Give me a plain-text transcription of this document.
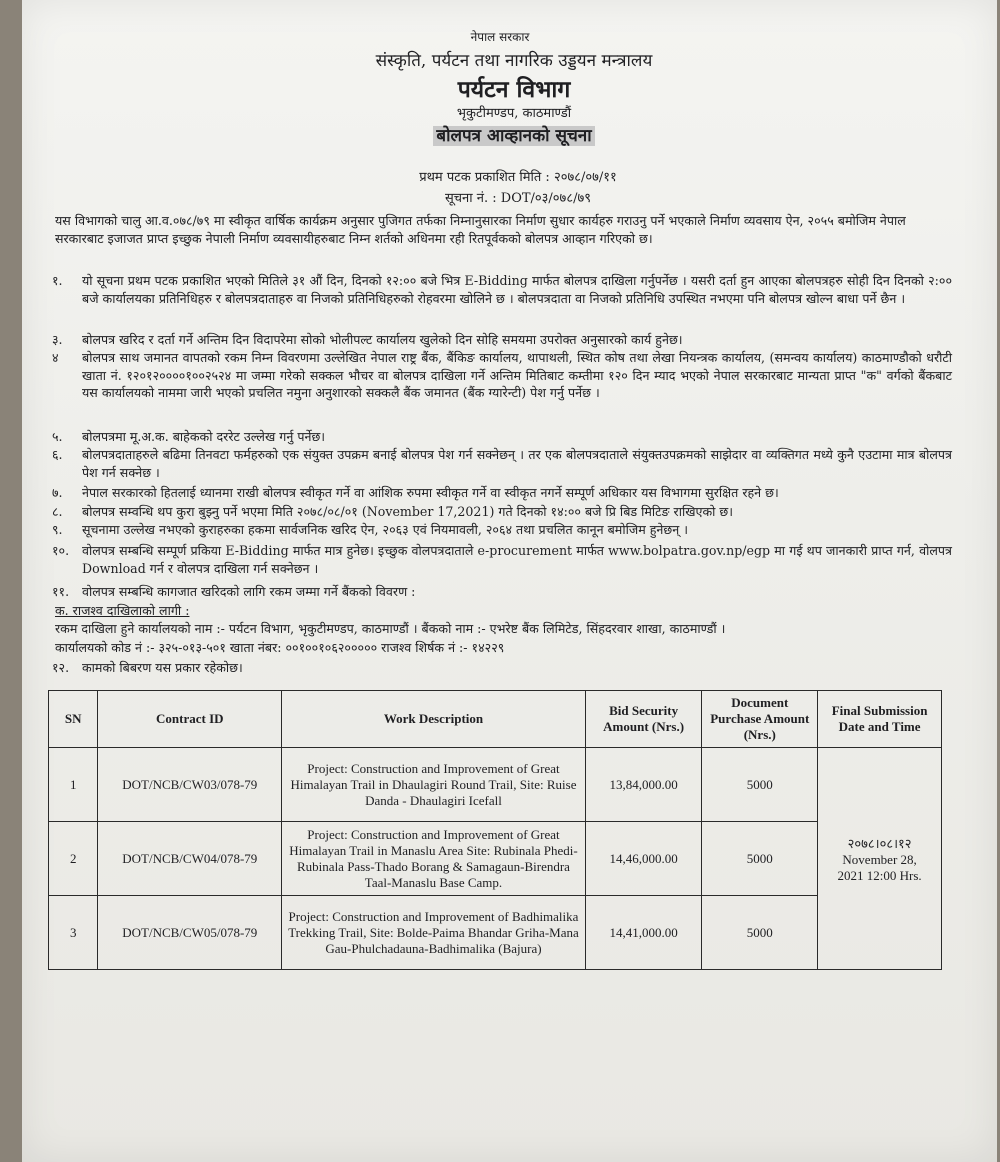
नेपाल सरकार
संस्कृति, पर्यटन तथा नागरिक उड्डयन मन्त्रालय
पर्यटन विभाग
भृकुटीमण्डप, काठमाण्डौं
बोलपत्र आव्हानको सूचना
प्रथम पटक प्रकाशित मिति : २०७८/०७/११
सूचना नं. : DOT/०३/०७८/७९
यस विभागको चालु आ.व.०७८/७९ मा स्वीकृत वार्षिक कार्यक्रम अनुसार पुजिगत तर्फका निम्नानुसारका निर्माण सुधार कार्यहरु गराउनु पर्ने भएकाले निर्माण व्यवसाय ऐन, २०५५ बमोजिम नेपाल सरकारबाट इजाजत प्राप्त इच्छुक नेपाली निर्माण व्यवसायीहरुबाट निम्न शर्तको अधिनमा रही रितपूर्वकको बोलपत्र आव्हान गरिएको छ।
१.	यो सूचना प्रथम पटक प्रकाशित भएको मितिले ३१ औं दिन, दिनको १२:०० बजे भित्र E-Bidding मार्फत बोलपत्र दाखिला गर्नुपर्नेछ । यसरी दर्ता हुन आएका बोलपत्रहरु सोही दिन दिनको २:०० बजे कार्यालयका प्रतिनिधिहरु र बोलपत्रदाताहरु वा निजको प्रतिनिधिहरुको रोहवरमा खोलिने छ । बोलपत्रदाता वा निजको प्रतिनिधि उपस्थित नभएमा पनि बोलपत्र खोल्न बाधा पर्ने छैन ।
३.	बोलपत्र खरिद र दर्ता गर्ने अन्तिम दिन विदापरेमा सोको भोलीपल्ट कार्यालय खुलेको दिन सोहि समयमा उपरोक्त अनुसारको कार्य हुनेछ।
४	बोलपत्र साथ जमानत वापतको रकम निम्न विवरणमा उल्लेखित नेपाल राष्ट्र बैंक, बैंकिङ कार्यालय, थापाथली, स्थित कोष तथा लेखा नियन्त्रक कार्यालय, (समन्वय कार्यालय) काठमाण्डौको धरौटी खाता नं. १२०१२००००१००२५२४ मा जम्मा गरेको सक्कल भौचर वा बोलपत्र दाखिला गर्ने अन्तिम मितिबाट कम्तीमा १२० दिन म्याद भएको नेपाल सरकारबाट मान्यता प्राप्त "क" वर्गको बैंकबाट यस कार्यालयको नाममा जारी भएको प्रचलित नमुना अनुशारको सक्कलै बैंक जमानत (बैंक ग्यारेन्टी) पेश गर्नु पर्नेछ ।
५.	बोलपत्रमा मू.अ.क. बाहेकको दररेट उल्लेख गर्नु पर्नेछ।
६.	बोलपत्रदाताहरुले बढिमा तिनवटा फर्महरुको एक संयुक्त उपक्रम बनाई बोलपत्र पेश गर्न सक्नेछन् । तर एक बोलपत्रदाताले संयुक्तउपक्रमको साझेदार वा व्यक्तिगत मध्ये कुनै एउटामा मात्र बोलपत्र पेश गर्न सक्नेछ ।
७.	नेपाल सरकारको हितलाई ध्यानमा राखी बोलपत्र स्वीकृत गर्ने वा आंशिक रुपमा स्वीकृत गर्ने वा स्वीकृत नगर्ने सम्पूर्ण अधिकार यस विभागमा सुरक्षित रहने छ।
८.	बोलपत्र सम्वन्धि थप कुरा बुझ्नु पर्ने भएमा मिति २०७८/०८/०१ (November 17,2021) गते दिनको १४:०० बजे प्रि बिड मिटिङ राखिएको छ।
९.	सूचनामा उल्लेख नभएको कुराहरुका हकमा सार्वजनिक खरिद ऐन, २०६३ एवं नियमावली, २०६४ तथा प्रचलित कानून बमोजिम हुनेछन् ।
१०.	वोलपत्र सम्बन्धि सम्पूर्ण प्रकिया E-Bidding मार्फत मात्र हुनेछ। इच्छुक वोलपत्रदाताले e-procurement मार्फत www.bolpatra.gov.np/egp मा गई थप जानकारी प्राप्त गर्न, वोलपत्र Download गर्न र वोलपत्र दाखिला गर्न सक्नेछन ।
११.	वोलपत्र सम्बन्धि कागजात खरिदको लागि रकम जम्मा गर्ने बैंकको विवरण :
क. राजश्व दाखिलाको लागी :
रकम दाखिला हुने कार्यालयको नाम :- पर्यटन विभाग, भृकुटीमण्डप, काठमाण्डौं । बैंकको नाम :- एभरेष्ट बैंक लिमिटेड, सिंहदरवार शाखा, काठमाण्डौं ।
कार्यालयको कोड नं :- ३२५-०१३-५०१ खाता नंबर: ००१००१०६२००००० राजश्व शिर्षक नं :- १४२२९
१२.	कामको बिबरण यस प्रकार रहेकोछ।
SN	Contract ID	Work Description	Bid Security Amount (Nrs.)	Document Purchase Amount (Nrs.)	Final Submission Date and Time
1	DOT/NCB/CW03/078-79	Project: Construction and Improvement of Great Himalayan Trail in Dhaulagiri Round Trail, Site: Ruise Danda - Dhaulagiri Icefall	13,84,000.00	5000	२०७८।०८।१२
November 28,
2021 12:00 Hrs.

2	DOT/NCB/CW04/078-79	Project: Construction and Improvement of Great Himalayan Trail in Manaslu Area Site: Rubinala Phedi-Rubinala Pass-Thado Borang & Samagaun-Birendra Taal-Manaslu Base Camp.	14,46,000.00	5000	
3	DOT/NCB/CW05/078-79	Project: Construction and Improvement of Badhimalika Trekking Trail, Site: Bolde-Paima Bhandar Griha-Mana Gau-Phulchadauna-Badhimalika (Bajura)	14,41,000.00	5000	
